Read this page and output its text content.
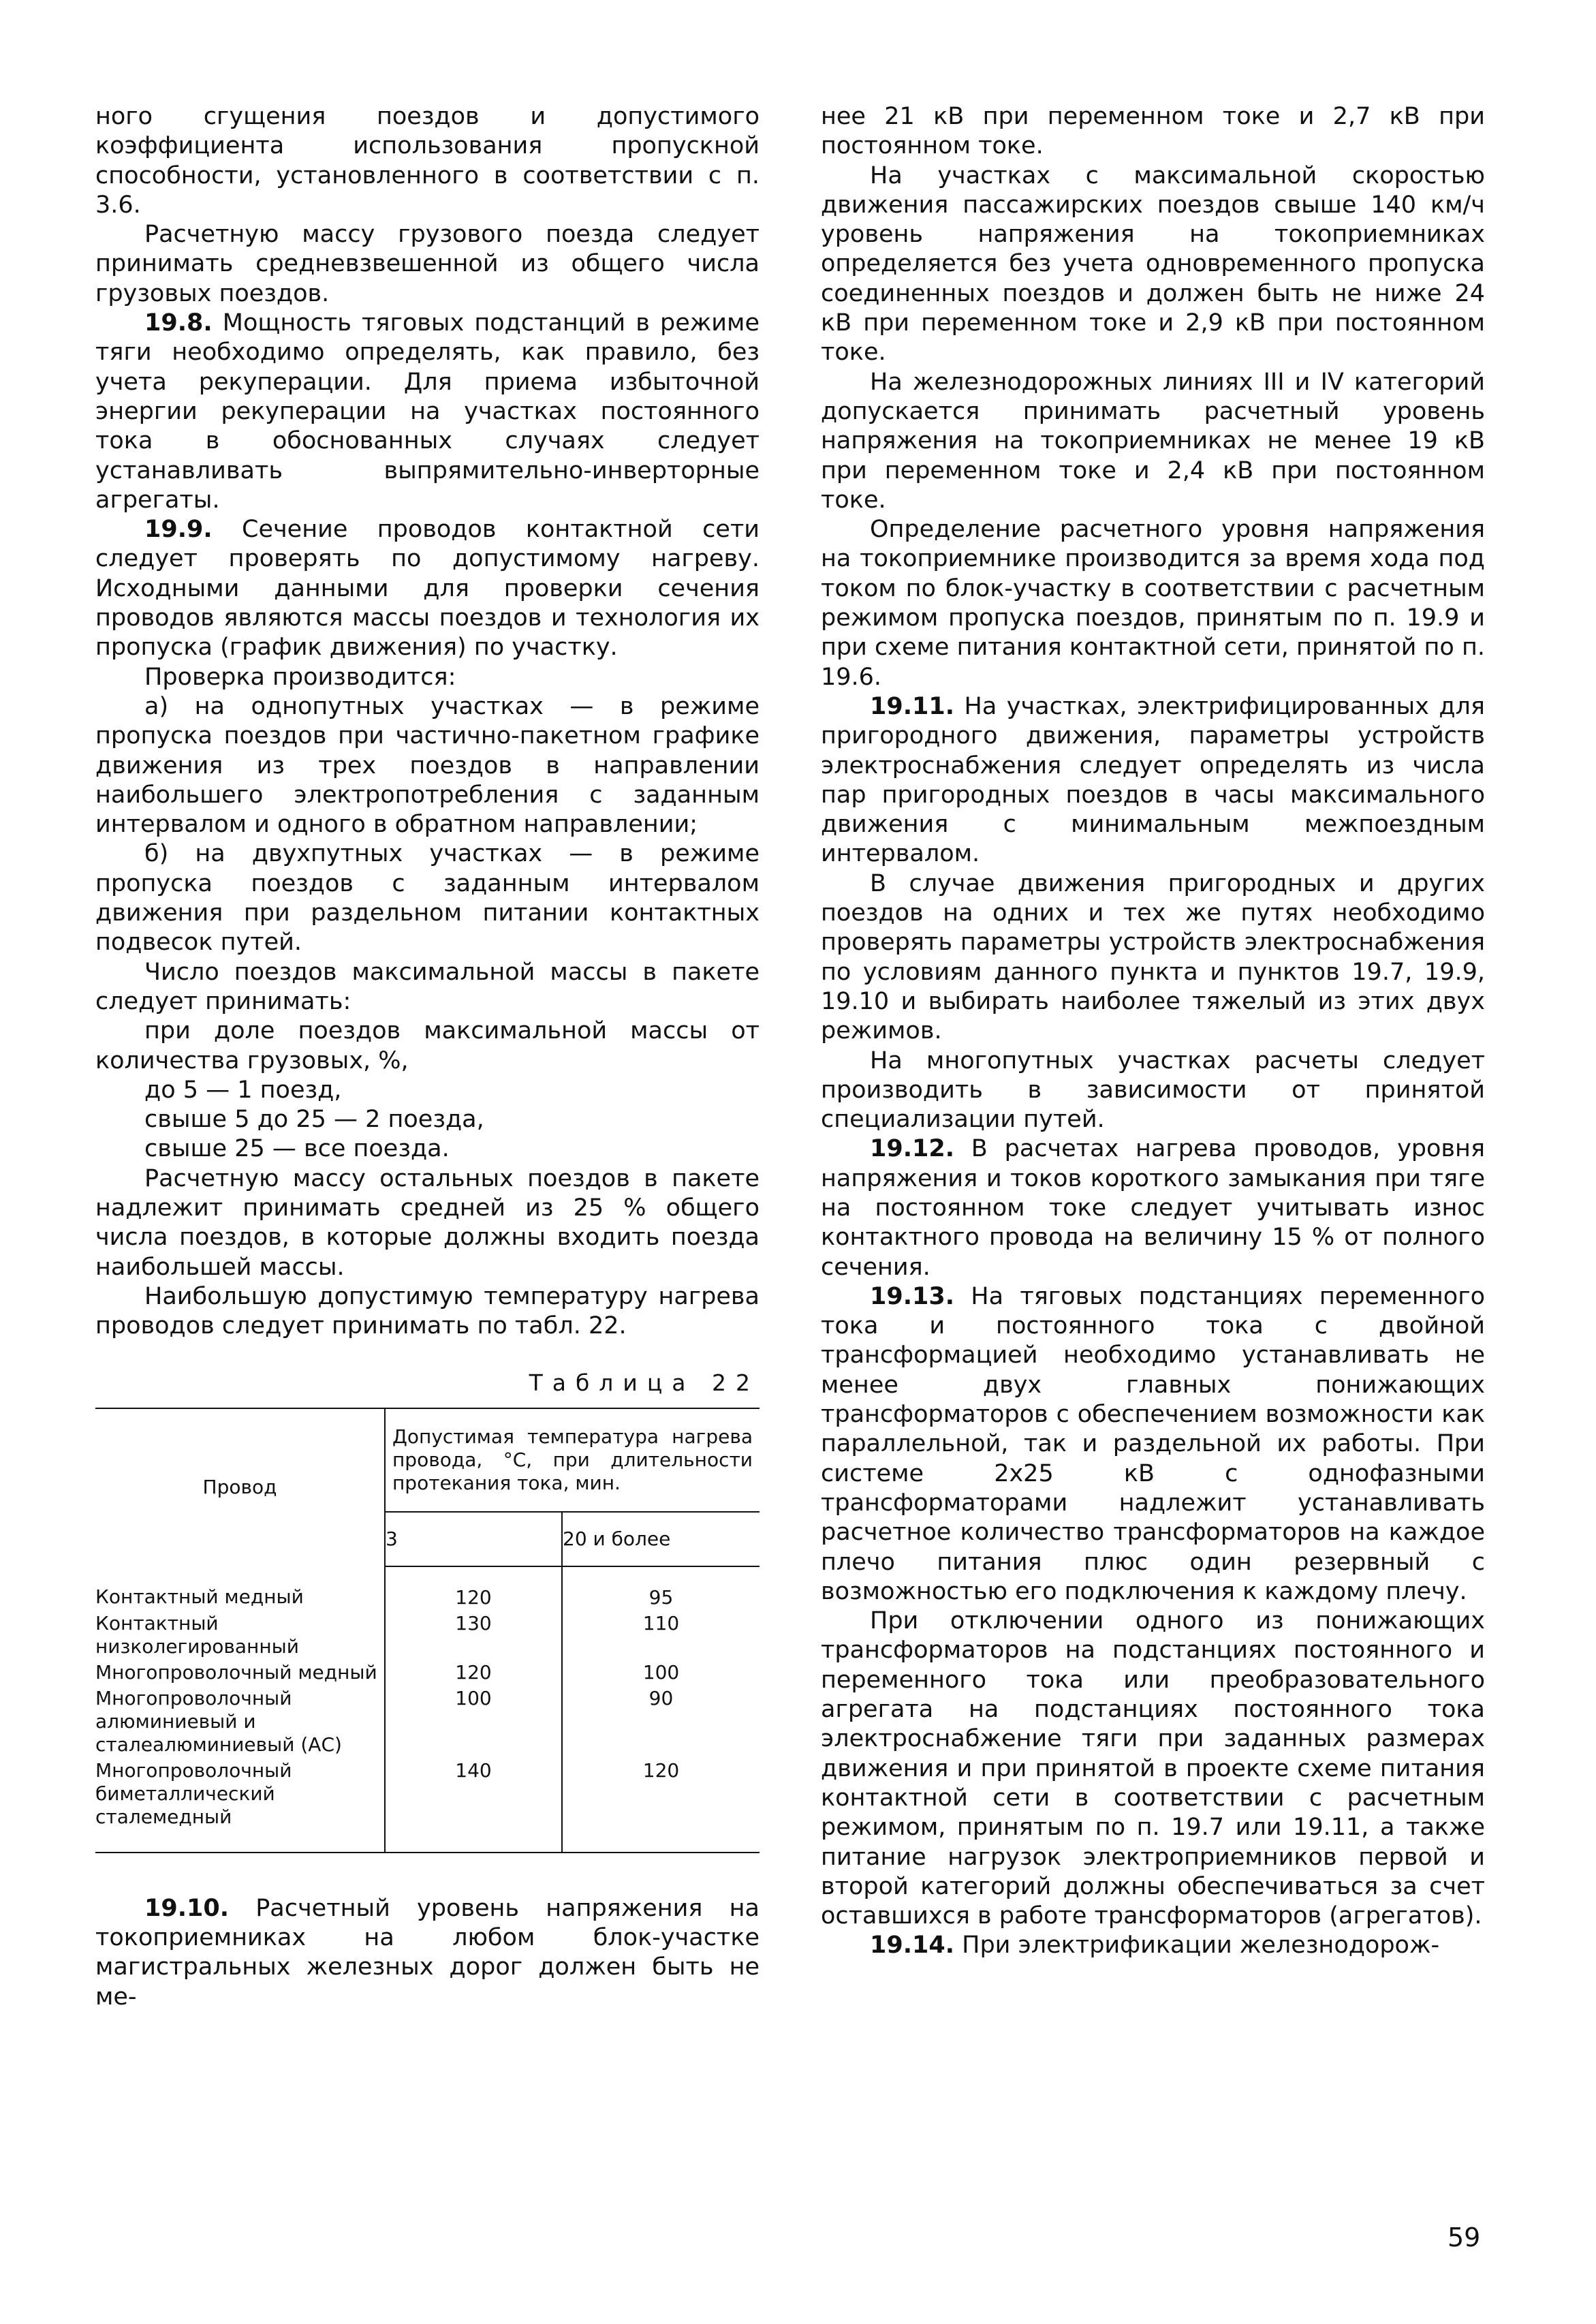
ного сгущения поездов и допустимого коэффициента использования пропускной способности, установленного в соответствии с п. 3.6.

Расчетную массу грузового поезда следует принимать средневзвешенной из общего числа грузовых поездов.

19.8. Мощность тяговых подстанций в режиме тяги необходимо определять, как правило, без учета рекуперации. Для приема избыточной энергии рекуперации на участках постоянного тока в обоснованных случаях следует устанавливать выпрямительно-инверторные агрегаты.

19.9. Сечение проводов контактной сети следует проверять по допустимому нагреву. Исходными данными для проверки сечения проводов являются массы поездов и технология их пропуска (график движения) по участку.

Проверка производится:

а) на однопутных участках — в режиме пропуска поездов при частично-пакетном графике движения из трех поездов в направлении наибольшего электропотребления с заданным интервалом и одного в обратном направлении;

б) на двухпутных участках — в режиме пропуска поездов с заданным интервалом движения при раздельном питании контактных подвесок путей.

Число поездов максимальной массы в пакете следует принимать:

при доле поездов максимальной массы от количества грузовых, %,

до 5 — 1 поезд,

свыше 5 до 25 — 2 поезда,

свыше 25 — все поезда.

Расчетную массу остальных поездов в пакете надлежит принимать средней из 25 % общего числа поездов, в которые должны входить поезда наибольшей массы.

Наибольшую допустимую температуру нагрева проводов следует принимать по табл. 22.

Таблица 22
Провод	Допустимая температура нагрева провода, °С, при длительности протекания тока, мин.	
	3	20 и более
Контактный медный	120	95
Контактный низколегированный	130	110
Многопроволочный медный	120	100
Многопроволочный алюминиевый и сталеалюминиевый (АС)	100	90
Многопроволочный биметаллический сталемедный	140	120

19.10. Расчетный уровень напряжения на токоприемниках на любом блок-участке магистральных железных дорог должен быть не ме-

нее 21 кВ при переменном токе и 2,7 кВ при постоянном токе.

На участках с максимальной скоростью движения пассажирских поездов свыше 140 км/ч уровень напряжения на токоприемниках определяется без учета одновременного пропуска соединенных поездов и должен быть не ниже 24 кВ при переменном токе и 2,9 кВ при постоянном токе.

На железнодорожных линиях III и IV категорий допускается принимать расчетный уровень напряжения на токоприемниках не менее 19 кВ при переменном токе и 2,4 кВ при постоянном токе.

Определение расчетного уровня напряжения на токоприемнике производится за время хода под током по блок-участку в соответствии с расчетным режимом пропуска поездов, принятым по п. 19.9 и при схеме питания контактной сети, принятой по п. 19.6.

19.11. На участках, электрифицированных для пригородного движения, параметры устройств электроснабжения следует определять из числа пар пригородных поездов в часы максимального движения с минимальным межпоездным интервалом.

В случае движения пригородных и других поездов на одних и тех же путях необходимо проверять параметры устройств электроснабжения по условиям данного пункта и пунктов 19.7, 19.9, 19.10 и выбирать наиболее тяжелый из этих двух режимов.

На многопутных участках расчеты следует производить в зависимости от принятой специализации путей.

19.12. В расчетах нагрева проводов, уровня напряжения и токов короткого замыкания при тяге на постоянном токе следует учитывать износ контактного провода на величину 15 % от полного сечения.

19.13. На тяговых подстанциях переменного тока и постоянного тока с двойной трансформацией необходимо устанавливать не менее двух главных понижающих трансформаторов с обеспечением возможности как параллельной, так и раздельной их работы. При системе 2х25 кВ с однофазными трансформаторами надлежит устанавливать расчетное количество трансформаторов на каждое плечо питания плюс один резервный с возможностью его подключения к каждому плечу.

При отключении одного из понижающих трансформаторов на подстанциях постоянного и переменного тока или преобразовательного агрегата на подстанциях постоянного тока электроснабжение тяги при заданных размерах движения и при принятой в проекте схеме питания контактной сети в соответствии с расчетным режимом, принятым по п. 19.7 или 19.11, а также питание нагрузок электроприемников первой и второй категорий должны обеспечиваться за счет оставшихся в работе трансформаторов (агрегатов).

19.14. При электрификации железнодорож-

59
